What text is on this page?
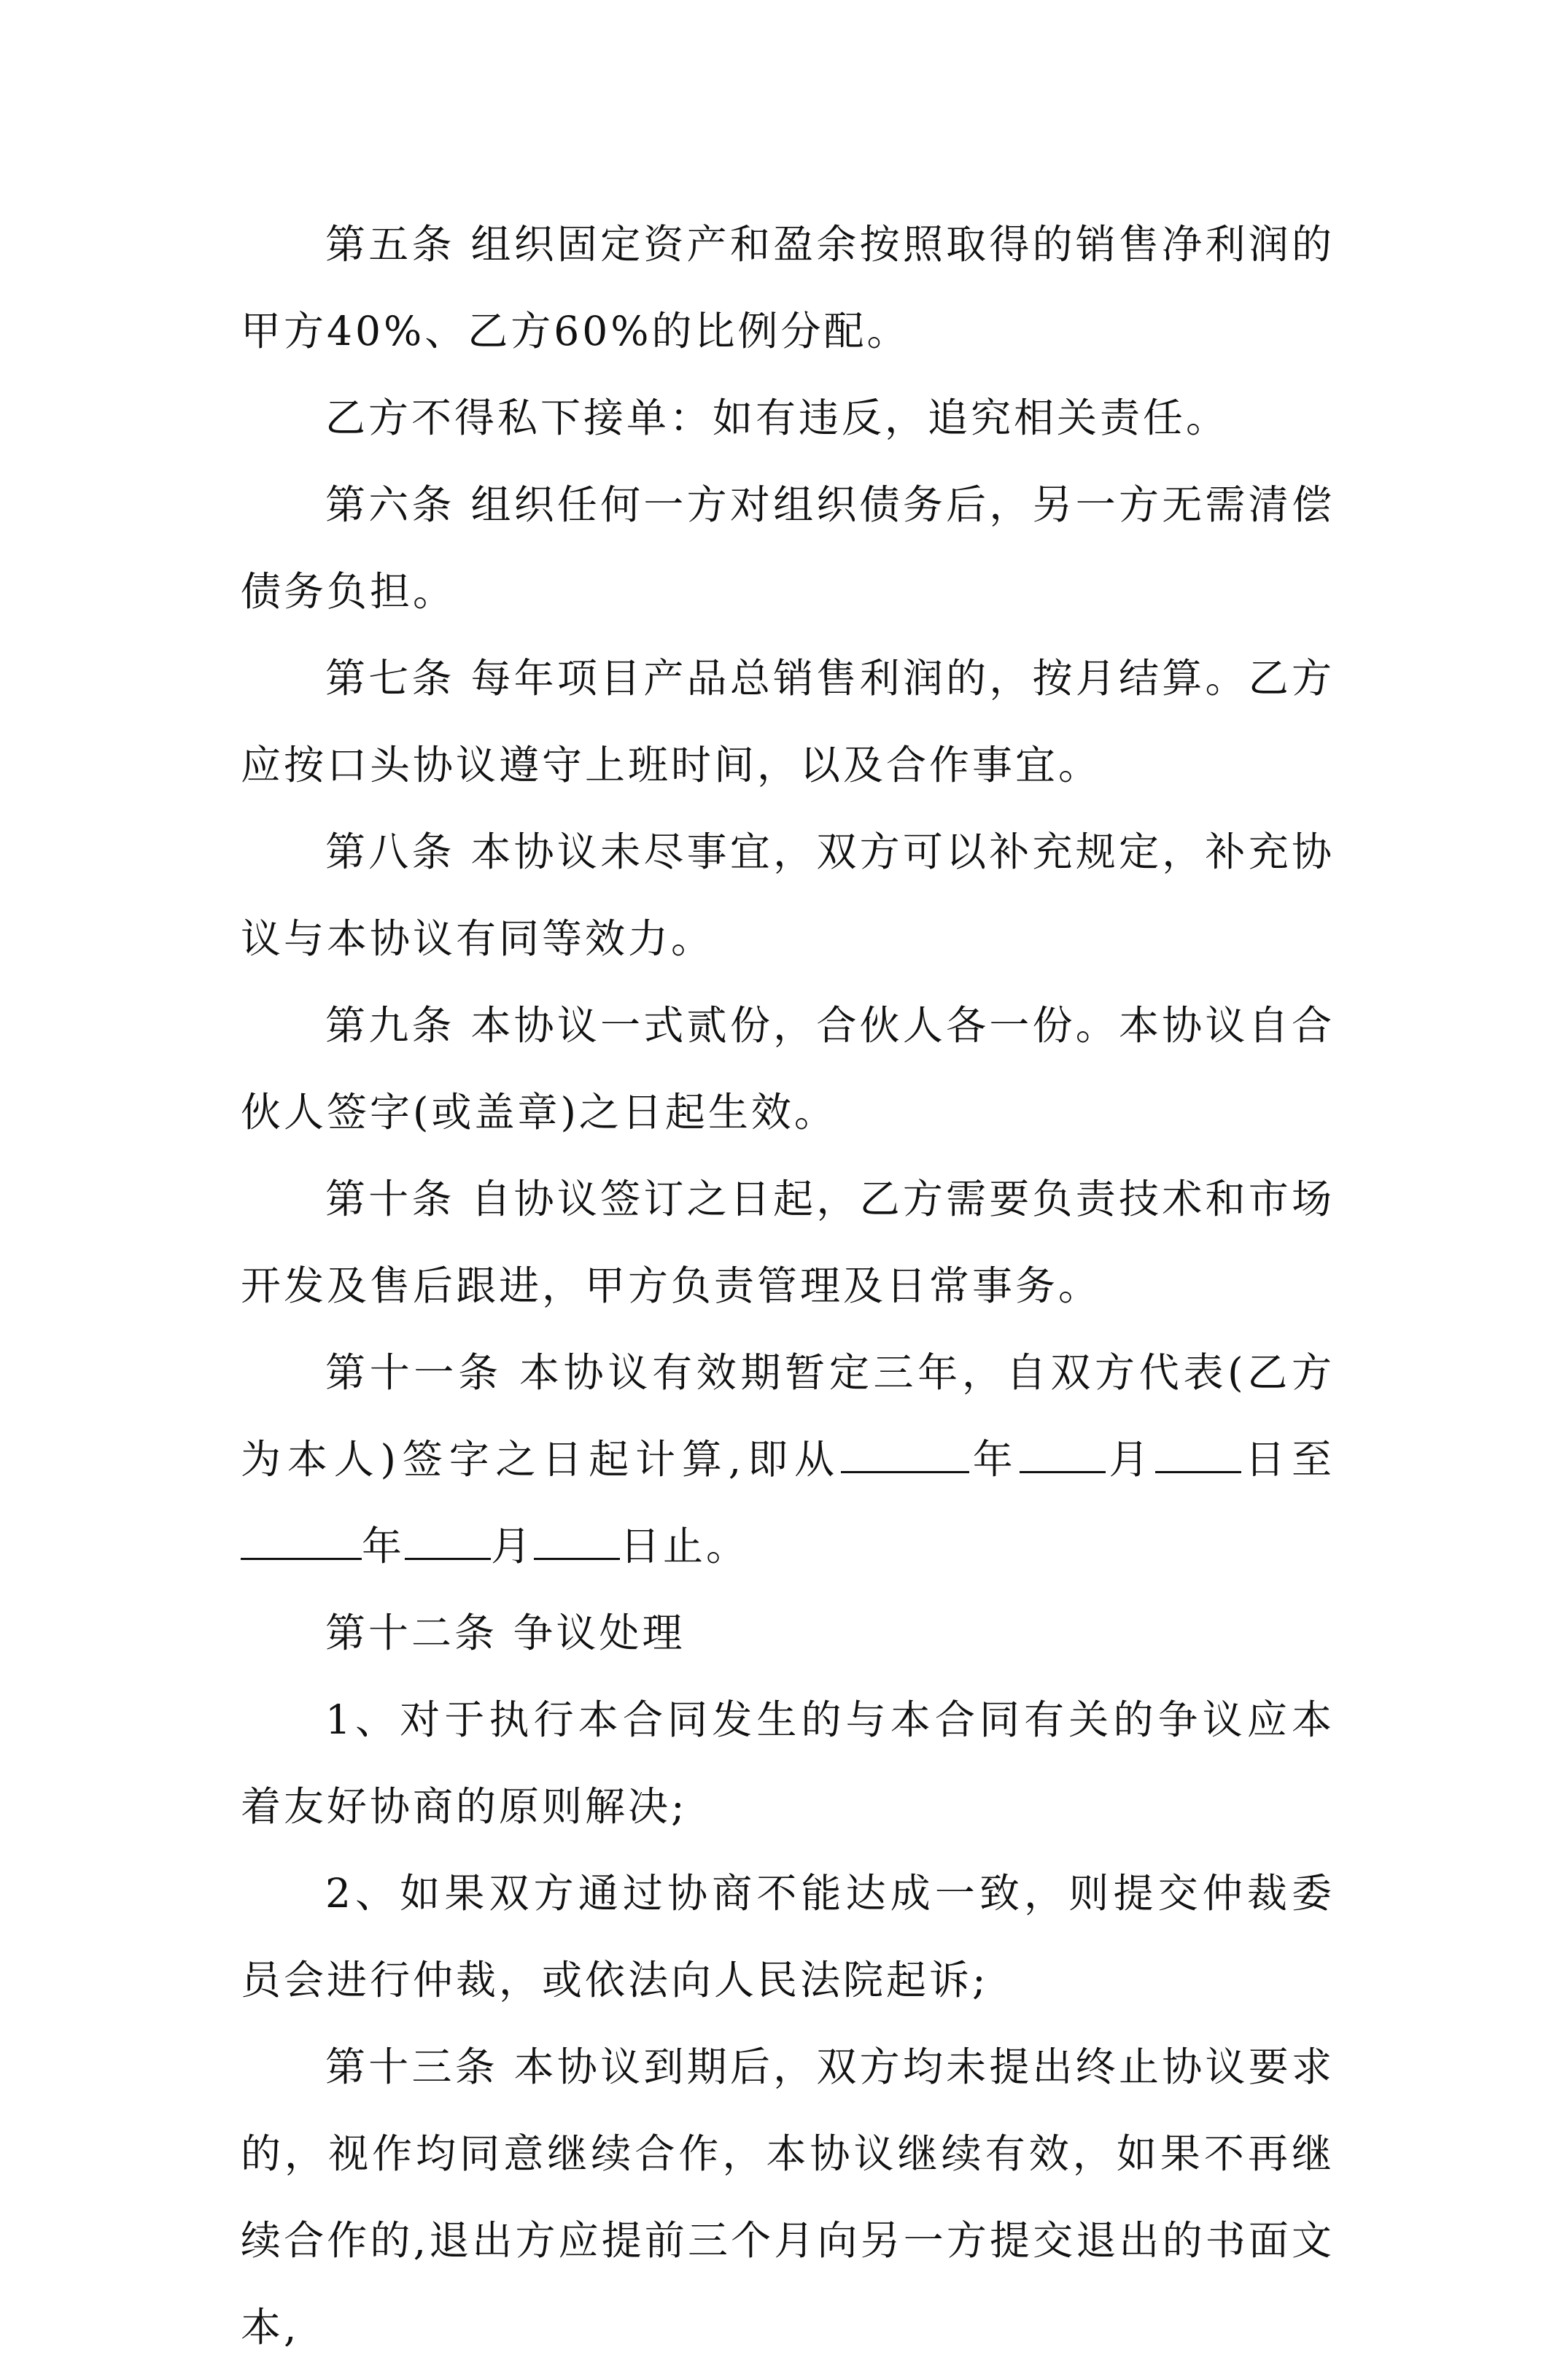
第五条 组织固定资产和盈余按照取得的销售净利润的甲方40%、乙方60%的比例分配。

乙方不得私下接单：如有违反，追究相关责任。

第六条 组织任何一方对组织债务后，另一方无需清偿债务负担。

第七条 每年项目产品总销售利润的，按月结算。乙方应按口头协议遵守上班时间，以及合作事宜。

第八条 本协议未尽事宜，双方可以补充规定，补充协议与本协议有同等效力。

第九条 本协议一式贰份，合伙人各一份。本协议自合伙人签字(或盖章)之日起生效。

第十条 自协议签订之日起，乙方需要负责技术和市场开发及售后跟进，甲方负责管理及日常事务。

第十一条 本协议有效期暂定三年，自双方代表(乙方为本人)签字之日起计算,即从	年 月 日至年 月 日止。

第十二条 争议处理

1、对于执行本合同发生的与本合同有关的争议应本着友好协商的原则解决;

2、如果双方通过协商不能达成一致，则提交仲裁委员会进行仲裁，或依法向人民法院起诉;

第十三条 本协议到期后，双方均未提出终止协议要求的，视作均同意继续合作，本协议继续有效，如果不再继续合作的,退出方应提前三个月向另一方提交退出的书面文本,
